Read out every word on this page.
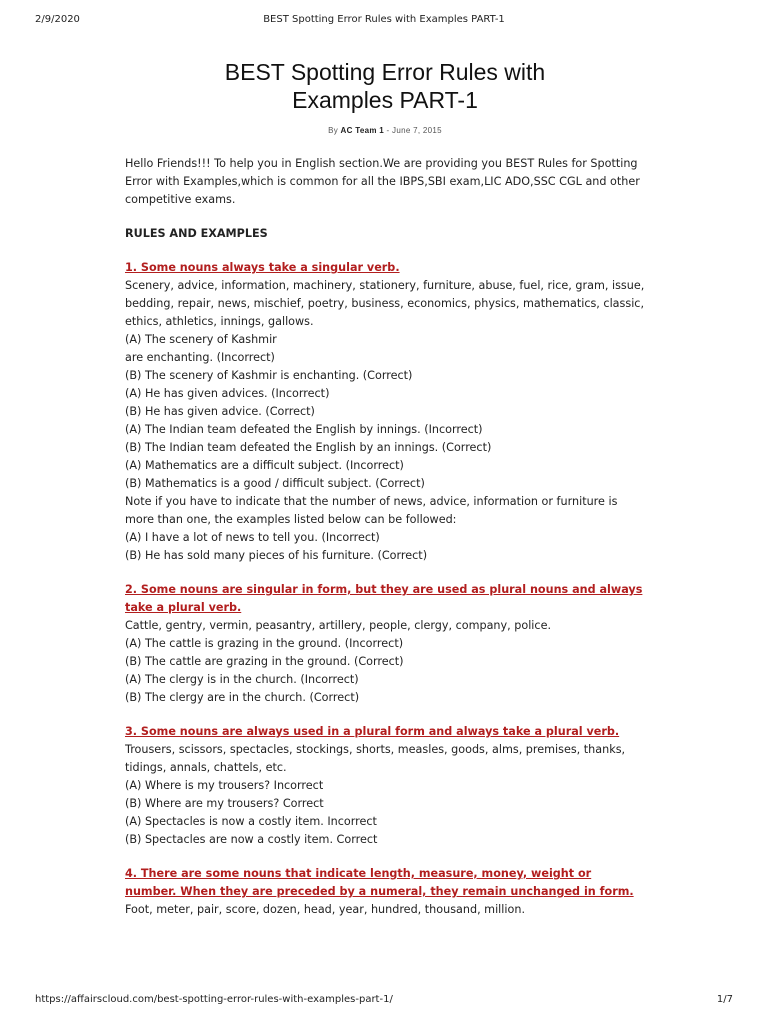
2/9/2020	BEST Spotting Error Rules with Examples PART-1
BEST Spotting Error Rules with
Examples PART-1
By AC Team 1 - June 7, 2015

Hello Friends!!! To help you in English section.We are providing you BEST Rules for Spotting Error with Examples,which is common for all the IBPS,SBI exam,LIC ADO,SSC CGL and other competitive exams.

RULES AND EXAMPLES

1. Some nouns always take a singular verb.
Scenery, advice, information, machinery, stationery, furniture, abuse, fuel, rice, gram, issue, bedding, repair, news, mischief, poetry, business, economics, physics, mathematics, classic, ethics, athletics, innings, gallows.
(A) The scenery of Kashmir
are enchanting. (Incorrect)
(B) The scenery of Kashmir is enchanting. (Correct)
(A) He has given advices. (Incorrect)
(B) He has given advice. (Correct)
(A) The Indian team defeated the English by innings. (Incorrect)
(B) The Indian team defeated the English by an innings. (Correct)
(A) Mathematics are a difficult subject. (Incorrect)
(B) Mathematics is a good / difficult subject. (Correct)
Note if you have to indicate that the number of news, advice, information or furniture is more than one, the examples listed below can be followed:
(A) I have a lot of news to tell you. (Incorrect)
(B) He has sold many pieces of his furniture. (Correct)
2. Some nouns are singular in form, but they are used as plural nouns and always take a plural verb.
Cattle, gentry, vermin, peasantry, artillery, people, clergy, company, police.
(A) The cattle is grazing in the ground. (Incorrect)
(B) The cattle are grazing in the ground. (Correct)
(A) The clergy is in the church. (Incorrect)
(B) The clergy are in the church. (Correct)
3. Some nouns are always used in a plural form and always take a plural verb.
Trousers, scissors, spectacles, stockings, shorts, measles, goods, alms, premises, thanks, tidings, annals, chattels, etc.
(A) Where is my trousers? Incorrect
(B) Where are my trousers? Correct
(A) Spectacles is now a costly item. Incorrect
(B) Spectacles are now a costly item. Correct
4. There are some nouns that indicate length, measure, money, weight or number. When they are preceded by a numeral, they remain unchanged in form.
Foot, meter, pair, score, dozen, head, year, hundred, thousand, million.
https://affairscloud.com/best-spotting-error-rules-with-examples-part-1/	1/7
